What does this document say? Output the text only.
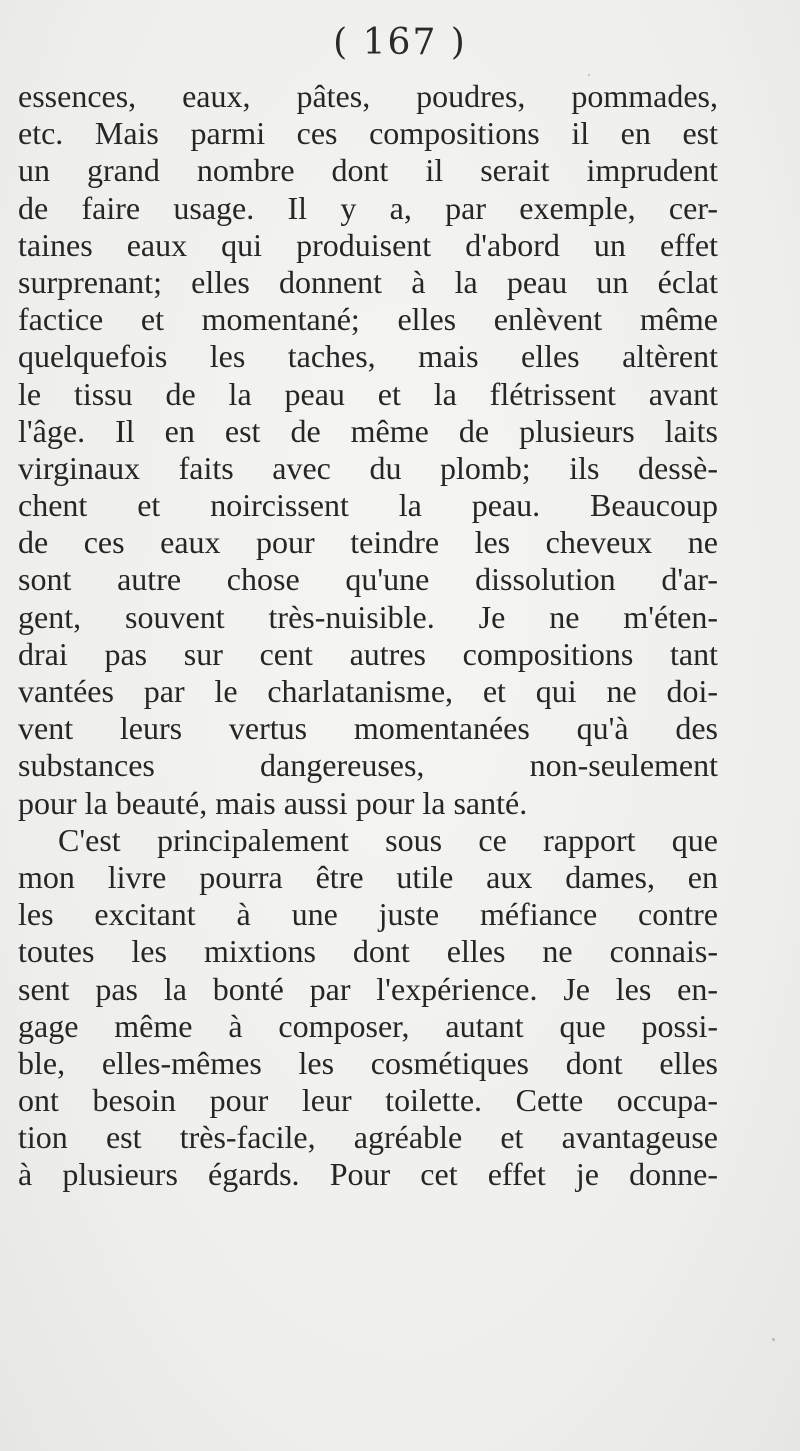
( 167 )
essences, eaux, pâtes, poudres, pommades,
etc. Mais parmi ces compositions il en est
un grand nombre dont il serait imprudent
de faire usage. Il y a, par exemple, cer-
taines eaux qui produisent d'abord un effet
surprenant; elles donnent à la peau un éclat
factice et momentané; elles enlèvent même
quelquefois les taches, mais elles altèrent
le tissu de la peau et la flétrissent avant
l'âge. Il en est de même de plusieurs laits
virginaux faits avec du plomb; ils dessè-
chent et noircissent la peau. Beaucoup
de ces eaux pour teindre les cheveux ne
sont autre chose qu'une dissolution d'ar-
gent, souvent très-nuisible. Je ne m'éten-
drai pas sur cent autres compositions tant
vantées par le charlatanisme, et qui ne doi-
vent leurs vertus momentanées qu'à des
substances dangereuses, non-seulement
pour la beauté, mais aussi pour la santé.
C'est principalement sous ce rapport que
mon livre pourra être utile aux dames, en
les excitant à une juste méfiance contre
toutes les mixtions dont elles ne connais-
sent pas la bonté par l'expérience. Je les en-
gage même à composer, autant que possi-
ble, elles-mêmes les cosmétiques dont elles
ont besoin pour leur toilette. Cette occupa-
tion est très-facile, agréable et avantageuse
à plusieurs égards. Pour cet effet je donne-
